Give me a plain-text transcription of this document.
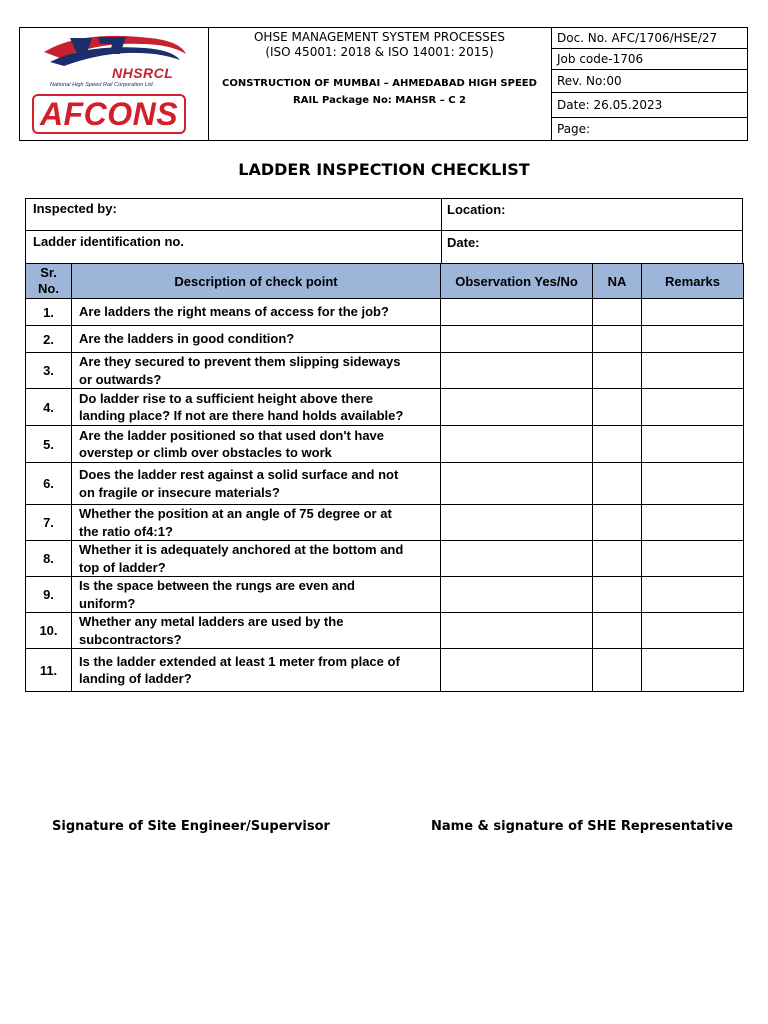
NHSRCL
National High Speed Rail Corporation Ltd.
AFCONS
OHSE MANAGEMENT SYSTEM PROCESSES
(ISO 45001: 2018 & ISO 14001: 2015)
CONSTRUCTION OF MUMBAI – AHMEDABAD HIGH SPEED
RAIL Package No: MAHSR – C 2
Doc. No. AFC/1706/HSE/27
Job code-1706
Rev. No:00
Date: 26.05.2023
Page:
LADDER INSPECTION CHECKLIST
Inspected by:	Location:
Ladder identification no.	Date:
Sr.
No.	Description of check point	Observation Yes/No	NA	Remarks
1.	Are ladders the right means of access for the job?			
2.	Are the ladders in good condition?			
3.	Are they secured to prevent them slipping sideways
or outwards?			
4.	Do ladder rise to a sufficient height above there
landing place? If not are there hand holds available?			
5.	Are the ladder positioned so that used don't have
overstep or climb over obstacles to work			
6.	Does the ladder rest against a solid surface and not
on fragile or insecure materials?			
7.	Whether the position at an angle of 75 degree or at
the ratio of4:1?			
8.	Whether it is adequately anchored at the bottom and
top of ladder?			
9.	Is the space between the rungs are even and
uniform?			
10.	Whether any metal ladders are used by the
subcontractors?			
11.	Is the ladder extended at least 1 meter from place of
landing of ladder?			
Signature of Site Engineer/Supervisor	Name & signature of SHE Representative
